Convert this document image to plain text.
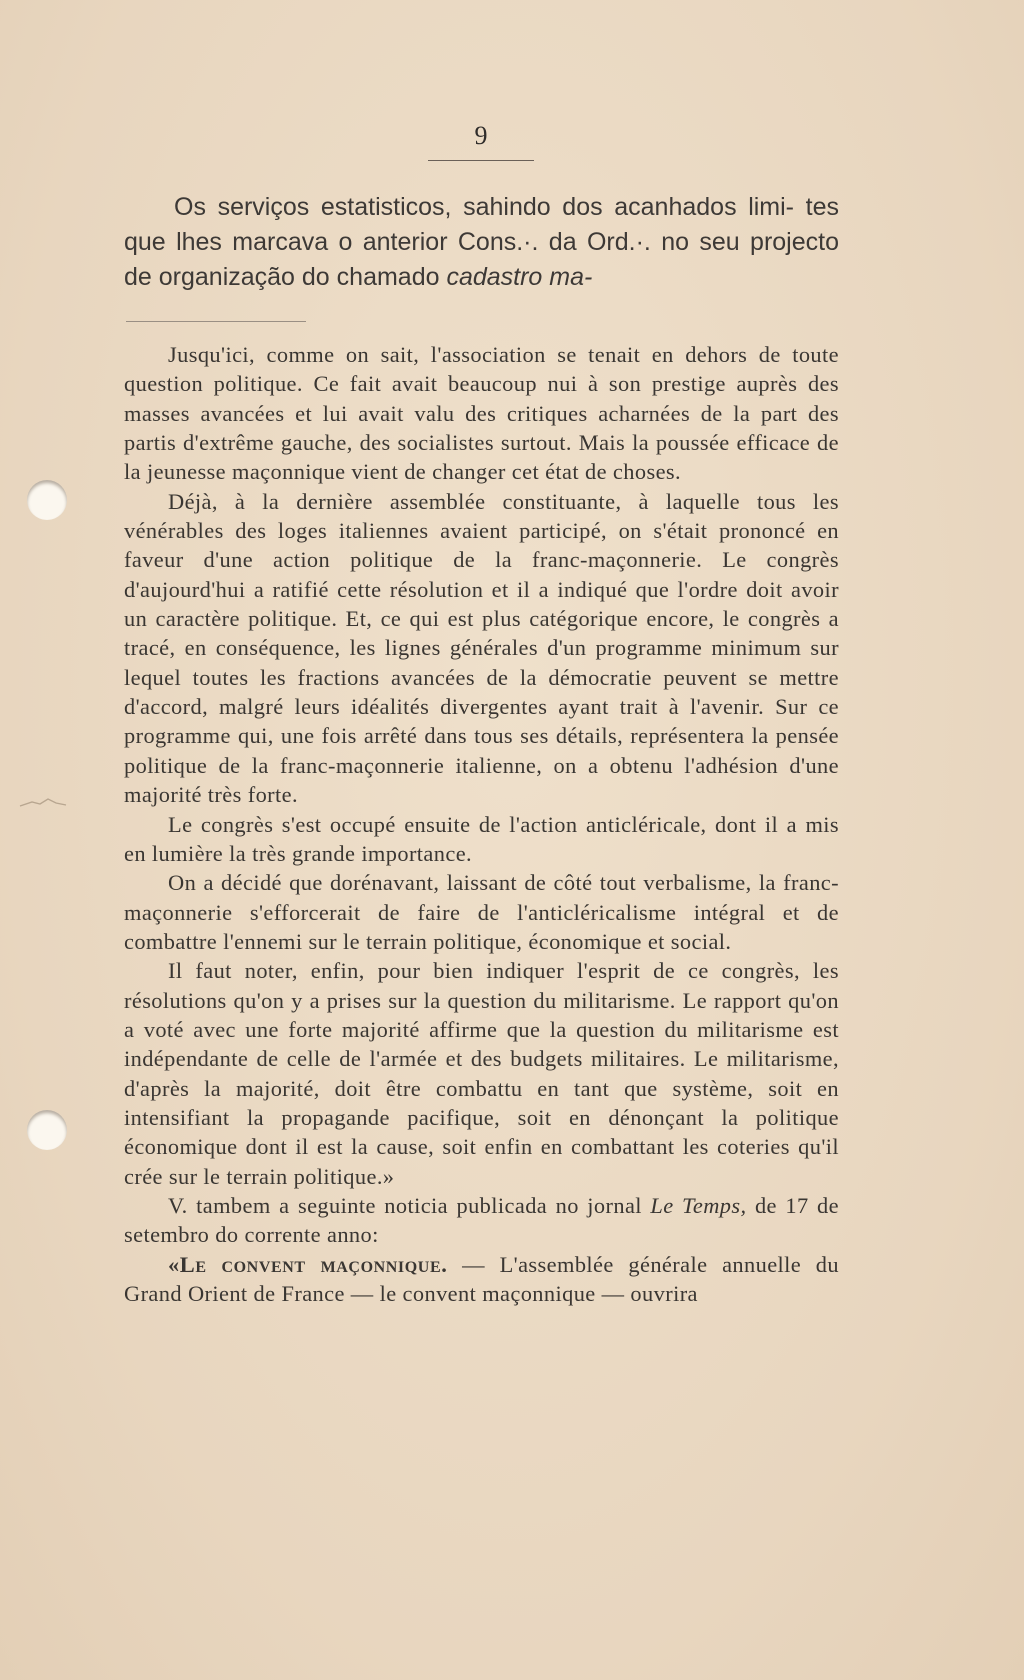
9

Os serviços estatisticos, sahindo dos acanhados limi- tes que lhes marcava o anterior Cons.·. da Ord.·. no seu projecto de organização do chamado cadastro ma-

Jusqu'ici, comme on sait, l'association se tenait en dehors de toute question politique. Ce fait avait beaucoup nui à son prestige auprès des masses avancées et lui avait valu des critiques acharnées de la part des partis d'extrême gauche, des socialistes surtout. Mais la poussée efficace de la jeunesse maçonnique vient de changer cet état de choses.

Déjà, à la dernière assemblée constituante, à laquelle tous les vénérables des loges italiennes avaient participé, on s'était prononcé en faveur d'une action politique de la franc-maçonnerie. Le congrès d'aujourd'hui a ratifié cette résolution et il a indiqué que l'ordre doit avoir un caractère politique. Et, ce qui est plus catégorique encore, le congrès a tracé, en conséquence, les lignes générales d'un programme minimum sur lequel toutes les fractions avancées de la démocratie peuvent se mettre d'accord, malgré leurs idéalités divergentes ayant trait à l'avenir. Sur ce programme qui, une fois arrêté dans tous ses détails, représentera la pensée politique de la franc-maçonnerie italienne, on a obtenu l'adhésion d'une majorité très forte.

Le congrès s'est occupé ensuite de l'action anticléricale, dont il a mis en lumière la très grande importance.

On a décidé que dorénavant, laissant de côté tout verbalisme, la franc-maçonnerie s'efforcerait de faire de l'anticléricalisme intégral et de combattre l'ennemi sur le terrain politique, économique et social.

Il faut noter, enfin, pour bien indiquer l'esprit de ce congrès, les résolutions qu'on y a prises sur la question du militarisme. Le rapport qu'on a voté avec une forte majorité affirme que la question du militarisme est indépendante de celle de l'armée et des budgets militaires. Le militarisme, d'après la majorité, doit être combattu en tant que système, soit en intensifiant la propagande pacifique, soit en dénonçant la politique économique dont il est la cause, soit enfin en combattant les coteries qu'il crée sur le terrain politique.»

V. tambem a seguinte noticia publicada no jornal Le Temps, de 17 de setembro do corrente anno:

«Le convent maçonnique. — L'assemblée générale annuelle du Grand Orient de France — le convent maçonnique — ouvrira
